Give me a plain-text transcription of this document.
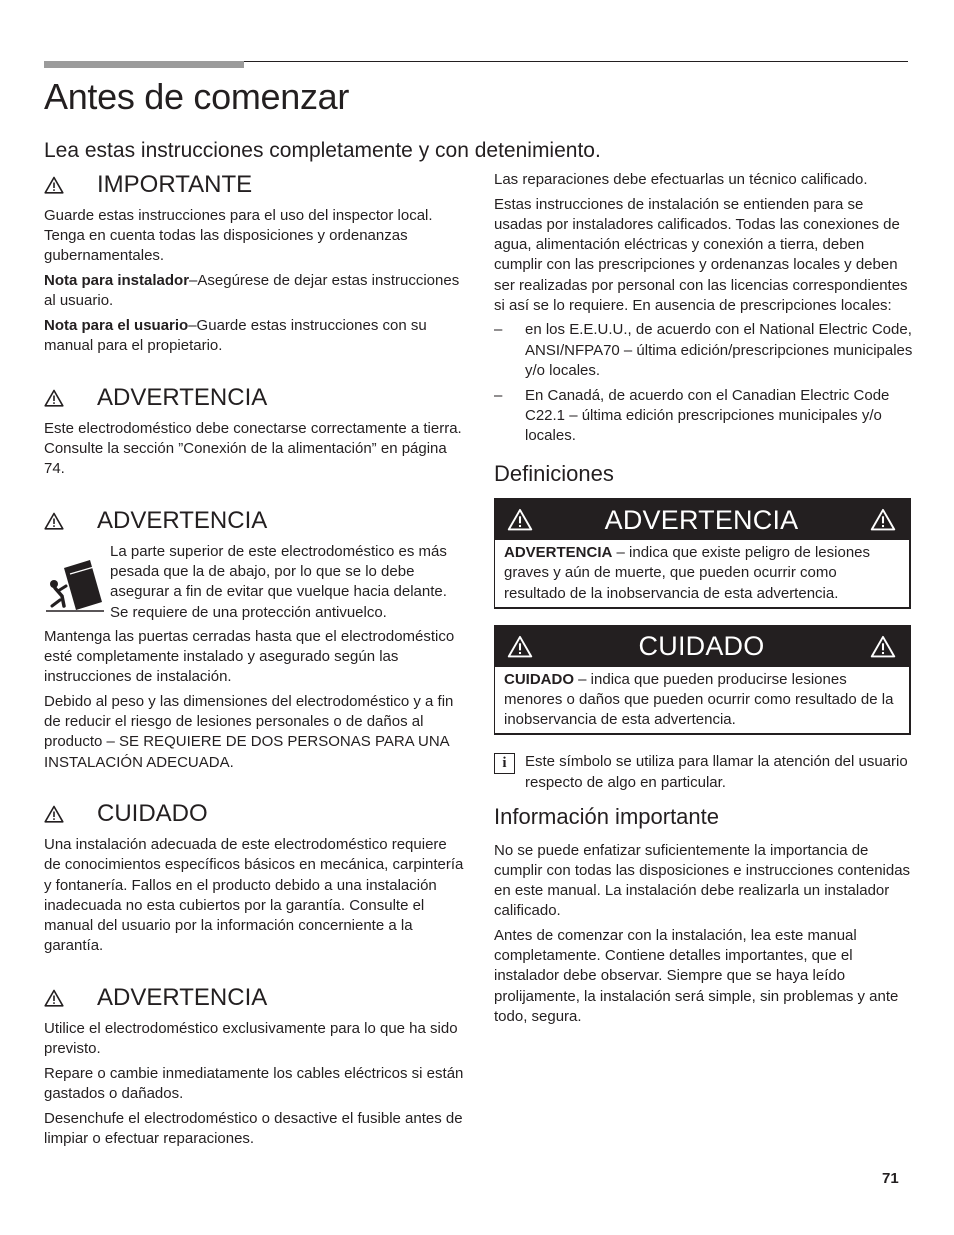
Antes de comenzar
Lea estas instrucciones completamente y con detenimiento.
IMPORTANTE

Guarde estas instrucciones para el uso del inspector local. Tenga en cuenta todas las disposiciones y ordenanzas gubernamentales.

Nota para instalador–Asegúrese de dejar estas instrucciones al usuario.

Nota para el usuario–Guarde estas instrucciones con su manual para el propietario.

ADVERTENCIA

Este electrodoméstico debe conectarse correctamente a tierra. Consulte la sección ”Conexión de la alimentación” en página 74.

ADVERTENCIA
La parte superior de este electrodoméstico es más pesada que la de abajo, por lo que se lo debe asegurar a fin de evitar que vuelque hacia delante. Se requiere de una protección antivuelco.

Mantenga las puertas cerradas hasta que el electrodoméstico esté completamente instalado y asegurado según las instrucciones de instalación.

Debido al peso y las dimensiones del electrodoméstico y a fin de reducir el riesgo de lesiones personales o de daños al producto – SE REQUIERE DE DOS PERSONAS PARA UNA INSTALACIÓN ADECUADA.

CUIDADO

Una instalación adecuada de este electrodoméstico requiere de conocimientos específicos básicos en mecánica, carpintería y fontanería. Fallos en el producto debido a una instalación inadecuada no esta cubiertos por la garantía. Consulte el manual del usuario por la información concerniente a la garantía.

ADVERTENCIA

Utilice el electrodoméstico exclusivamente para lo que ha sido previsto.

Repare o cambie inmediatamente los cables eléctricos si están gastados o dañados.

Desenchufe el electrodoméstico o desactive el fusible antes de limpiar o efectuar reparaciones.

Las reparaciones debe efectuarlas un técnico calificado.

Estas instrucciones de instalación se entienden para se usadas por instaladores calificados. Todas las conexiones de agua, alimentación eléctricas y conexión a tierra, deben cumplir con las prescripciones y ordenanzas locales y deben ser realizadas por personal con las licencias correspondientes si así se lo requiere. En ausencia de prescripciones locales:

– en los E.E.U.U., de acuerdo con el National Electric Code, ANSI/NFPA70 – última edición/prescripciones municipales y/o locales.
– En Canadá, de acuerdo con el Canadian Electric Code C22.1 – última edición prescripciones municipales y/o locales.
Definiciones
ADVERTENCIA
ADVERTENCIA – indica que existe peligro de lesiones graves y aún de muerte, que pueden ocurrir como resultado de la inobservancia de esta advertencia.
CUIDADO
CUIDADO – indica que pueden producirse lesiones menores o daños que pueden ocurrir como resultado de la inobservancia de esta advertencia.
i	Este símbolo se utiliza para llamar la atención del usuario respecto de algo en particular.
Información importante

No se puede enfatizar suficientemente la importancia de cumplir con todas las disposiciones e instrucciones contenidas en este manual. La instalación debe realizarla un instalador calificado.

Antes de comenzar con la instalación, lea este manual completamente. Contiene detalles importantes, que el instalador debe observar. Siempre que se haya leído prolijamente, la instalación será simple, sin problemas y ante todo, segura.

71
